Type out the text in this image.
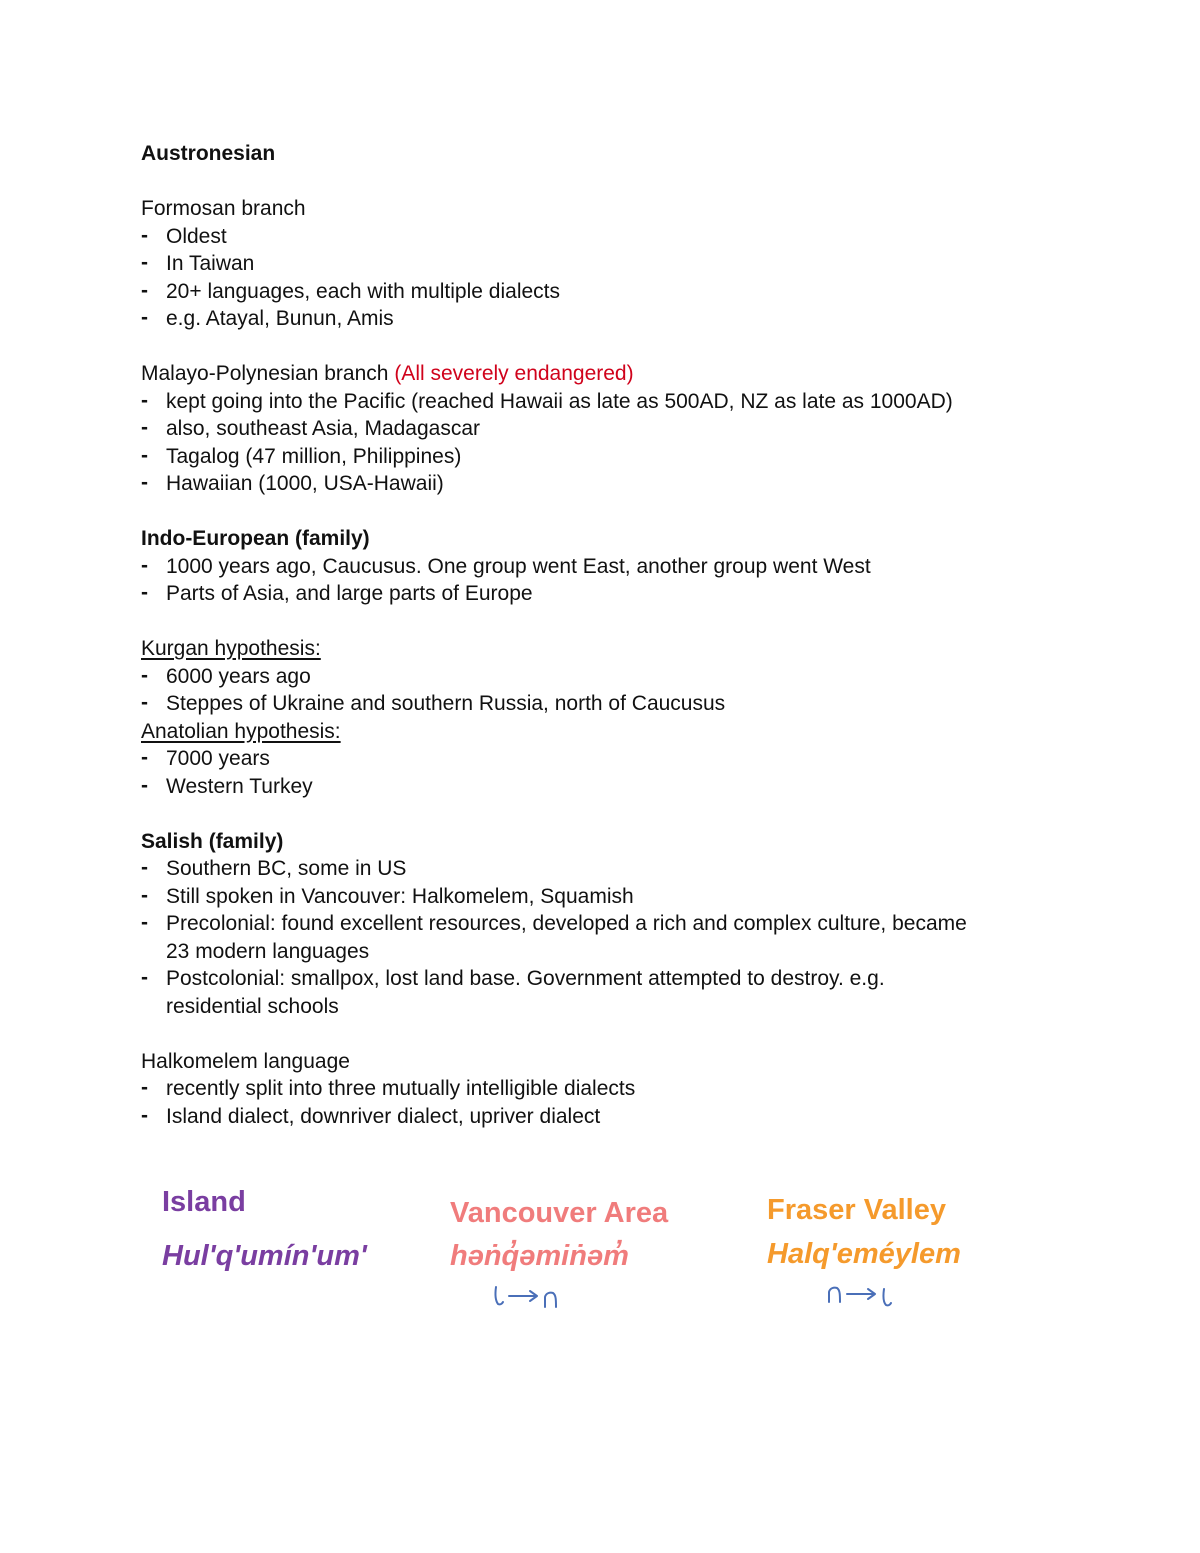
Austronesian
Formosan branch
- Oldest
- In Taiwan
- 20+ languages, each with multiple dialects
- e.g. Atayal, Bunun, Amis
Malayo-Polynesian branch (All severely endangered)
- kept going into the Pacific (reached Hawaii as late as 500AD, NZ as late as 1000AD)
- also, southeast Asia, Madagascar
- Tagalog (47 million, Philippines)
- Hawaiian (1000, USA-Hawaii)
Indo-European (family)
- 1000 years ago, Caucusus. One group went East, another group went West
- Parts of Asia, and large parts of Europe
Kurgan hypothesis:
- 6000 years ago
- Steppes of Ukraine and southern Russia, north of Caucusus
Anatolian hypothesis:
- 7000 years
- Western Turkey
Salish (family)
- Southern BC, some in US
- Still spoken in Vancouver: Halkomelem, Squamish
- Precolonial: found excellent resources, developed a rich and complex culture, became 23 modern languages
- Postcolonial: smallpox, lost land base. Government attempted to destroy. e.g. residential schools
Halkomelem language
- recently split into three mutually intelligible dialects
- Island dialect, downriver dialect, upriver dialect
Island
Hul'q'umín'um'
Vancouver Area
həṅq̓əmiṅəm̓
Fraser Valley
Halq'eméylem
